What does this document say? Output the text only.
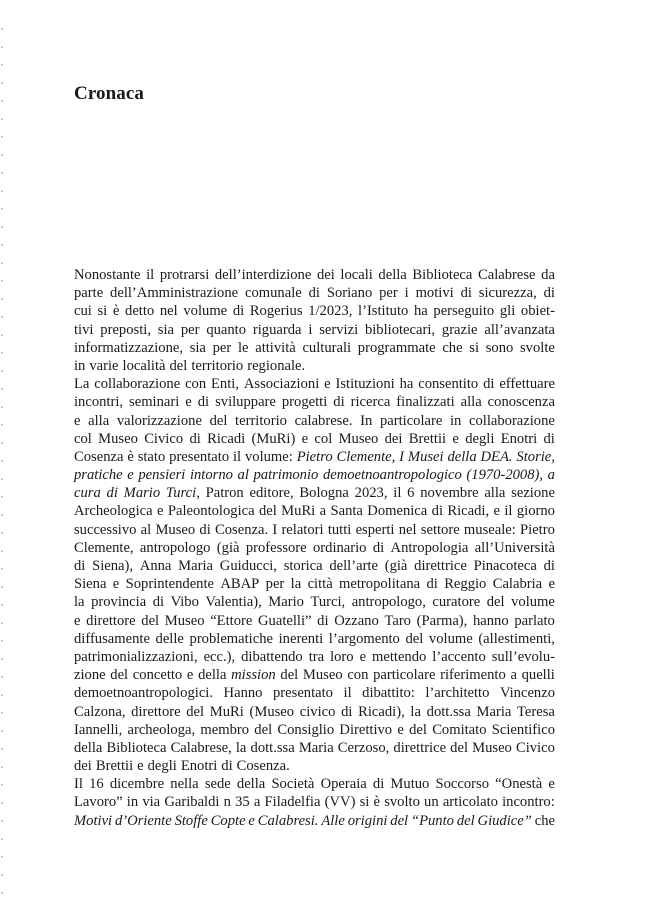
Cronaca
Nonostante il protrarsi dell’interdizione dei locali della Biblioteca Calabrese da
parte dell’Amministrazione comunale di Soriano per i motivi di sicurezza, di
cui si è detto nel volume di Rogerius 1/2023, l’Istituto ha perseguito gli obiet-
tivi preposti, sia per quanto riguarda i servizi bibliotecari, grazie all’avanzata
informatizzazione, sia per le attività culturali programmate che si sono svolte
in varie località del territorio regionale.
La collaborazione con Enti, Associazioni e Istituzioni ha consentito di effettuare
incontri, seminari e di sviluppare progetti di ricerca finalizzati alla conoscenza
e alla valorizzazione del territorio calabrese. In particolare in collaborazione
col Museo Civico di Ricadi (MuRi) e col Museo dei Brettii e degli Enotri di
Cosenza è stato presentato il volume: Pietro Clemente, I Musei della DEA. Storie,
pratiche e pensieri intorno al patrimonio demoetnoantropologico (1970-2008), a
cura di Mario Turci, Patron editore, Bologna 2023, il 6 novembre alla sezione
Archeologica e Paleontologica del MuRi a Santa Domenica di Ricadi, e il giorno
successivo al Museo di Cosenza. I relatori tutti esperti nel settore museale: Pietro
Clemente, antropologo (già professore ordinario di Antropologia all’Università
di Siena), Anna Maria Guiducci, storica dell’arte (già direttrice Pinacoteca di
Siena e Soprintendente ABAP per la città metropolitana di Reggio Calabria e
la provincia di Vibo Valentia), Mario Turci, antropologo, curatore del volume
e direttore del Museo “Ettore Guatelli” di Ozzano Taro (Parma), hanno parlato
diffusamente delle problematiche inerenti l’argomento del volume (allestimenti,
patrimonializzazioni, ecc.), dibattendo tra loro e mettendo l’accento sull’evolu-
zione del concetto e della mission del Museo con particolare riferimento a quelli
demoetnoantropologici. Hanno presentato il dibattito: l’architetto Vincenzo
Calzona, direttore del MuRi (Museo civico di Ricadi), la dott.ssa Maria Teresa
Iannelli, archeologa, membro del Consiglio Direttivo e del Comitato Scientifico
della Biblioteca Calabrese, la dott.ssa Maria Cerzoso, direttrice del Museo Civico
dei Brettii e degli Enotri di Cosenza.
Il 16 dicembre nella sede della Società Operaia di Mutuo Soccorso “Onestà e
Lavoro” in via Garibaldi n 35 a Filadelfia (VV) si è svolto un articolato incontro:
Motivi d’Oriente Stoffe Copte e Calabresi. Alle origini del “Punto del Giudice” che
